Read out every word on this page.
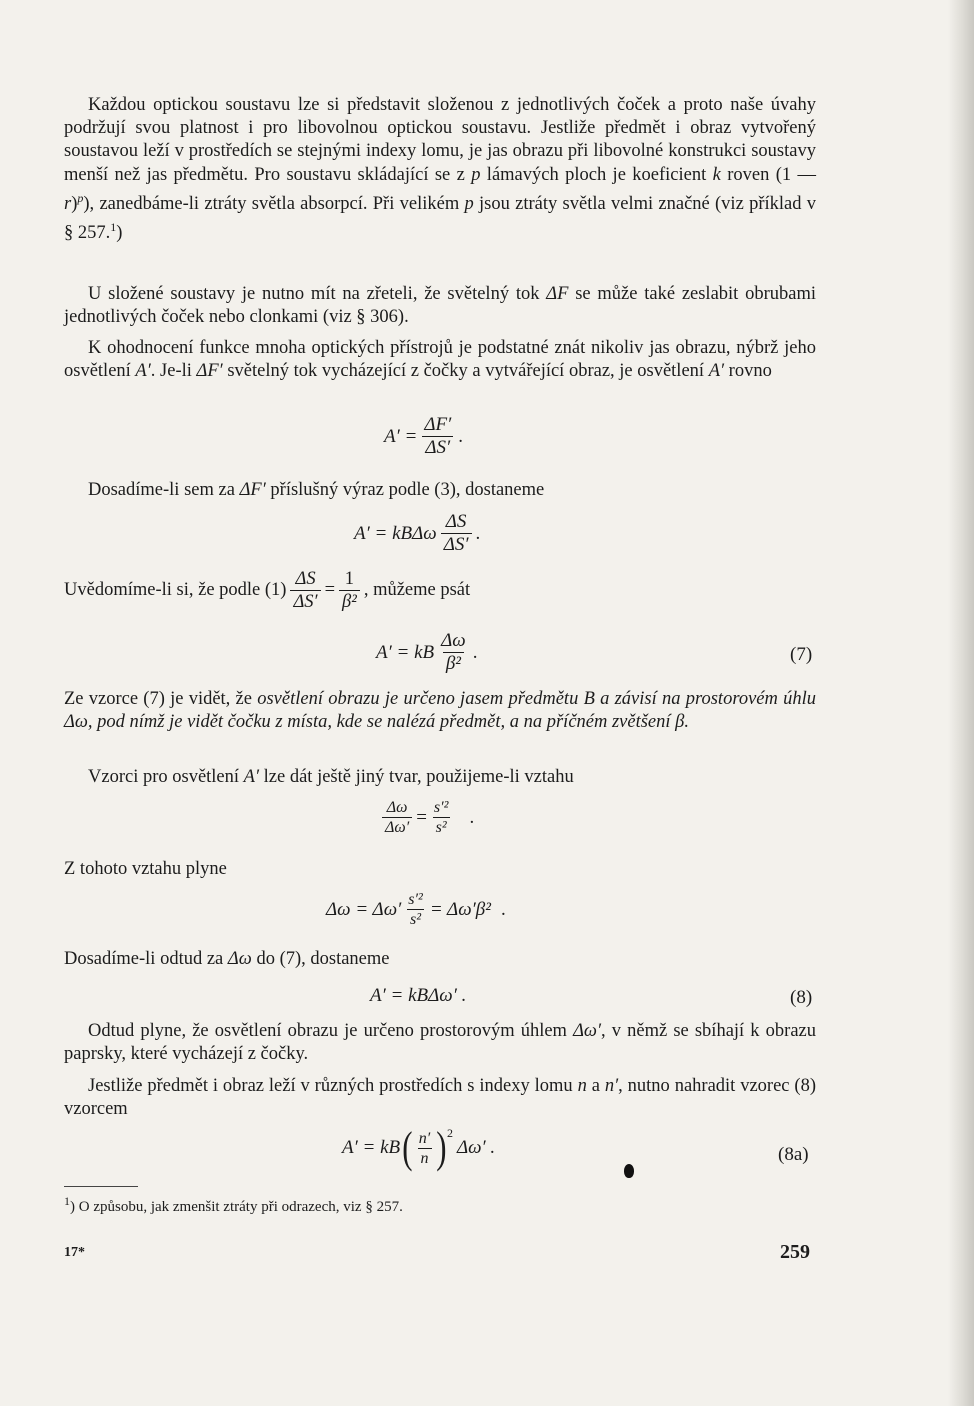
Každou optickou soustavu lze si představit složenou z jednotlivých čoček a proto naše úvahy podržují svou platnost i pro libovolnou optickou soustavu. Jestliže předmět i obraz vytvořený soustavou leží v prostředích se stejnými indexy lomu, je jas obrazu při libovolné konstrukci soustavy menší než jas předmětu. Pro soustavu skládající se z p lámavých ploch je koeficient k roven (1 — r)$^p$), zanedbáme-li ztráty světla absorpcí. Při velikém p jsou ztráty světla velmi značné (viz příklad v § 257.$^1$)

U složené soustavy je nutno mít na zřeteli, že světelný tok ΔF se může také zeslabit obrubami jednotlivých čoček nebo clonkami (viz § 306).

K ohodnocení funkce mnoha optických přístrojů je podstatné znát nikoliv jas obrazu, nýbrž jeho osvětlení A′. Je-li ΔF′ světelný tok vycházející z čočky a vytvářející obraz, je osvětlení A′ rovno

$A' = \frac{\Delta F'}{\Delta S'}$ .

Dosadíme-li sem za ΔF′ příslušný výraz podle (3), dostaneme

A′ = kBΔω $\frac{\Delta S}{\Delta S'}$ .
Uvědomíme-li si, že podle $(1) \frac{\Delta S}{\Delta S'} = \frac{1}{\text{β²}}$ , můžeme psát
A′ = kB $\frac{\Delta\omega}{\text{β²}}$ .	(7)

Ze vzorce (7) je vidět, že osvětlení obrazu je určeno jasem předmětu B a závisí na prostorovém úhlu Δω, pod nímž je vidět čočku z místa, kde se nalézá předmět, a na příčném zvětšení β.

Vzorci pro osvětlení A′ lze dát ještě jiný tvar, použijeme-li vztahu

$\frac{\Delta\omega}{\Delta\omega'} = \frac{\text{s′²}}{\text{s²}}$ .

Z tohoto vztahu plyne

$\Delta\omega = \Delta\omega' \frac{\text{s′²}}{\text{s²}} = \Delta\omega'\beta^2$ .

Dosadíme-li odtud za Δω do (7), dostaneme

A′ = kBΔω′ .	(8)

Odtud plyne, že osvětlení obrazu je určeno prostorovým úhlem Δω′, v němž se sbíhají k obrazu paprsky, které vycházejí z čočky.

Jestliže předmět i obraz leží v různých prostředích s indexy lomu n a n′, nutno nahradit vzorec (8) vzorcem

A′ = kB ( $\frac{n'}{n}$ ) 2
Δω′ .	(8a)
$^1$) O způsobu, jak zmenšit ztráty při odrazech, viz § 257.
17*	259
